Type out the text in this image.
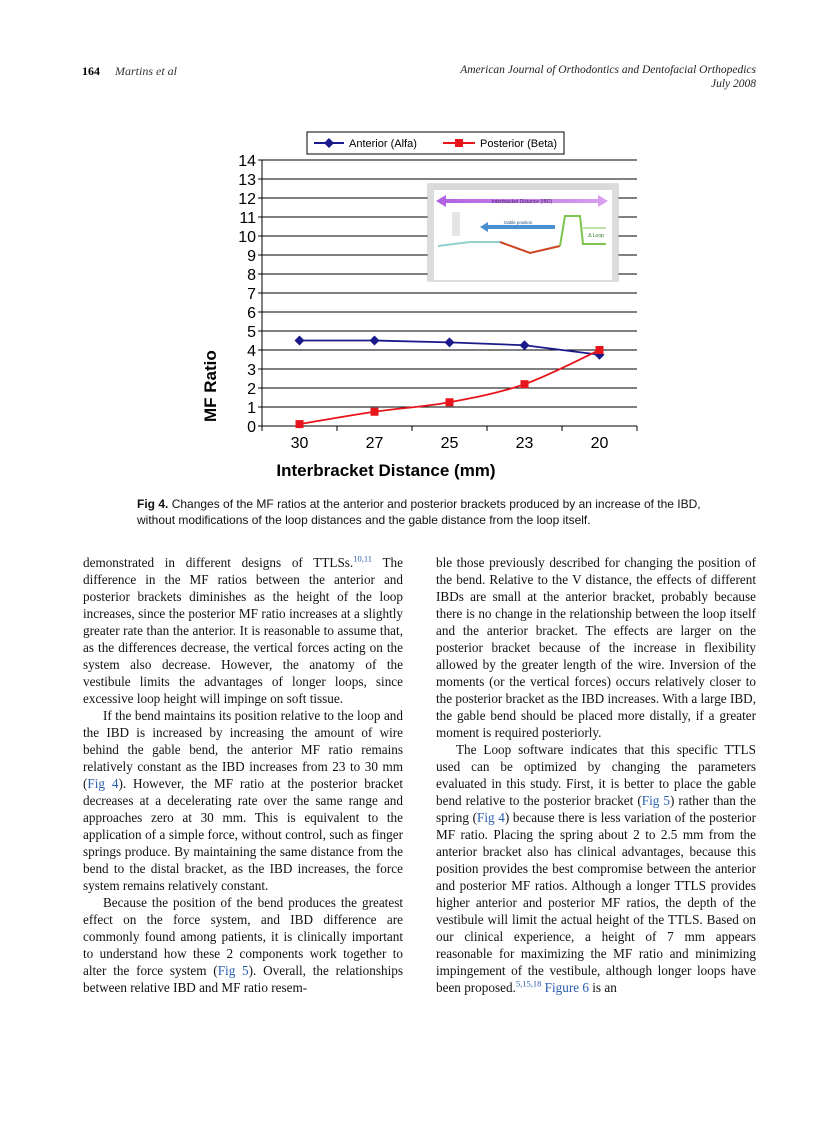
164 Martins et al	American Journal of Orthodontics and Dentofacial Orthopedics
July 2008
Anterior (Alfa)	Posterior (Beta)
0
1
2
3
4
5
6
7
8
9
10
11
12
13
14
30	27	25	23	20
Interbracket Distance (IBD)
Gable position
Δ Loop
MF Ratio
Interbracket Distance (mm)
Fig 4. Changes of the MF ratios at the anterior and posterior brackets produced by an increase of the IBD, without modifications of the loop distances and the gable distance from the loop itself.

demonstrated in different designs of TTLSs.$^{10,11}$ The difference in the MF ratios between the anterior and posterior brackets diminishes as the height of the loop increases, since the posterior MF ratio increases at a slightly greater rate than the anterior. It is reasonable to assume that, as the differences decrease, the vertical forces acting on the system also decrease. However, the anatomy of the vestibule limits the advantages of longer loops, since excessive loop height will impinge on soft tissue.

If the bend maintains its position relative to the loop and the IBD is increased by increasing the amount of wire behind the gable bend, the anterior MF ratio remains relatively constant as the IBD increases from 23 to 30 mm (Fig 4). However, the MF ratio at the posterior bracket decreases at a decelerating rate over the same range and approaches zero at 30 mm. This is equivalent to the application of a simple force, without control, such as finger springs produce. By maintaining the same distance from the bend to the distal bracket, as the IBD increases, the force system remains relatively constant.

Because the position of the bend produces the greatest effect on the force system, and IBD difference are commonly found among patients, it is clinically important to understand how these 2 components work together to alter the force system (Fig 5). Overall, the relationships between relative IBD and MF ratio resem-

ble those previously described for changing the position of the bend. Relative to the V distance, the effects of different IBDs are small at the anterior bracket, probably because there is no change in the relationship between the loop itself and the anterior bracket. The effects are larger on the posterior bracket because of the increase in flexibility allowed by the greater length of the wire. Inversion of the moments (or the vertical forces) occurs relatively closer to the posterior bracket as the IBD increases. With a large IBD, the gable bend should be placed more distally, if a greater moment is required posteriorly.

The Loop software indicates that this specific TTLS used can be optimized by changing the parameters evaluated in this study. First, it is better to place the gable bend relative to the posterior bracket (Fig 5) rather than the spring (Fig 4) because there is less variation of the posterior MF ratio. Placing the spring about 2 to 2.5 mm from the anterior bracket also has clinical advantages, because this position provides the best compromise between the anterior and posterior MF ratios. Although a longer TTLS provides higher anterior and posterior MF ratios, the depth of the vestibule will limit the actual height of the TTLS. Based on our clinical experience, a height of 7 mm appears reasonable for maximizing the MF ratio and minimizing impingement of the vestibule, although longer loops have been proposed.$^{5,15,18}$ Figure 6 is an
